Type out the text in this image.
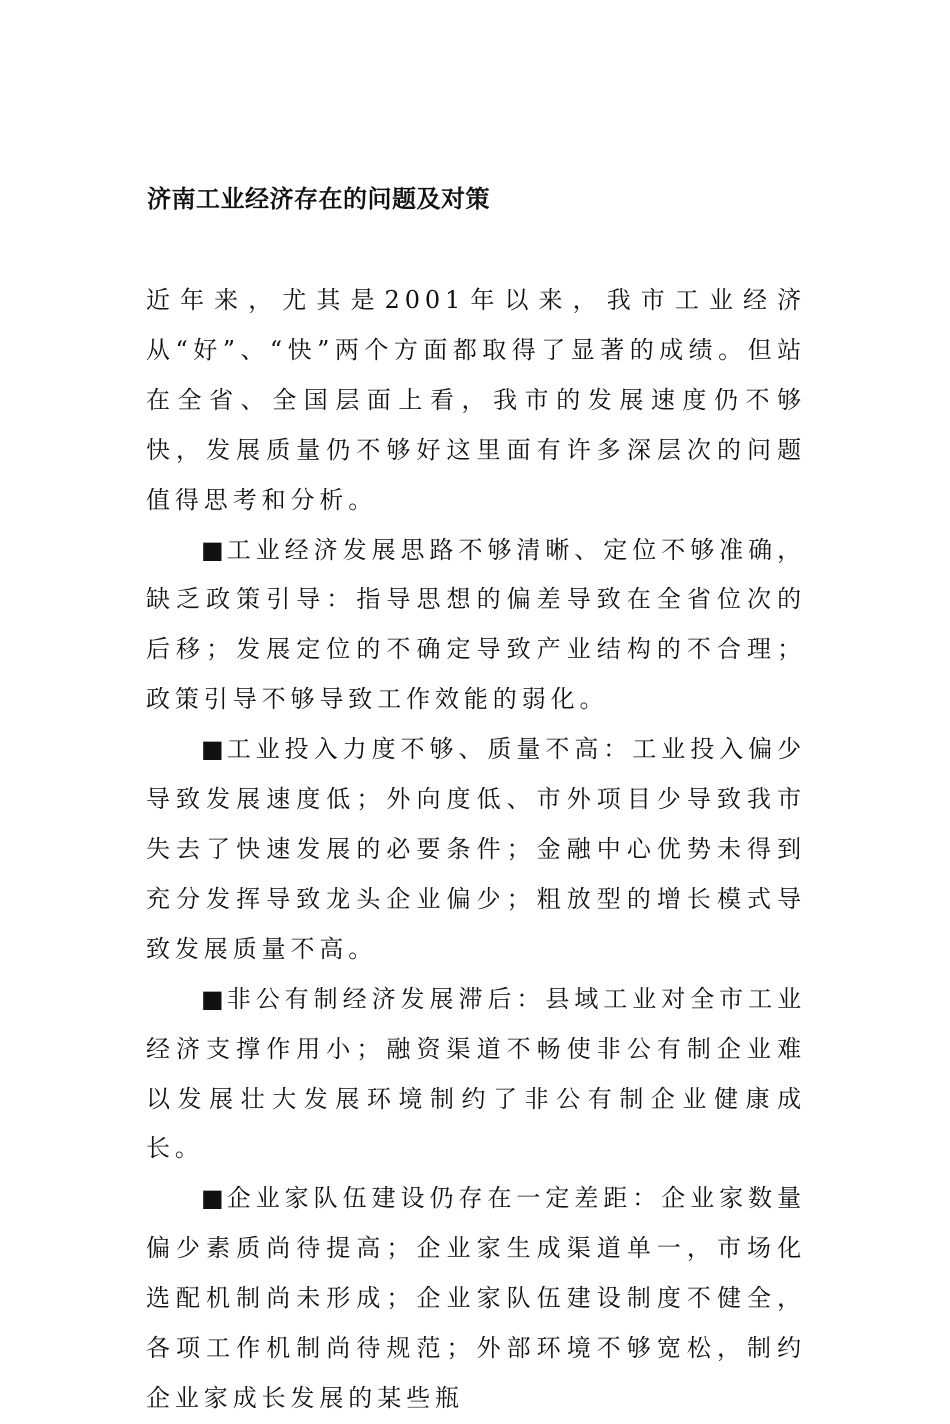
济南工业经济存在的问题及对策

近年来，尤其是2001年以来，我市工业经济从“好”、“快”两个方面都取得了显著的成绩。但站在全省、全国层面上看，我市的发展速度仍不够快，发展质量仍不够好这里面有许多深层次的问题值得思考和分析。

■ 工业经济发展思路不够清晰、定位不够准确，缺乏政策引导：指导思想的偏差导致在全省位次的后移；发展定位的不确定导致产业结构的不合理；政策引导不够导致工作效能的弱化。

■ 工业投入力度不够、质量不高：工业投入偏少导致发展速度低；外向度低、市外项目少导致我市失去了快速发展的必要条件；金融中心优势未得到充分发挥导致龙头企业偏少；粗放型的增长模式导致发展质量不高。

■ 非公有制经济发展滞后：县域工业对全市工业经济支撑作用小；融资渠道不畅使非公有制企业难以发展壮大发展环境制约了非公有制企业健康成长。

■ 企业家队伍建设仍存在一定差距：企业家数量偏少素质尚待提高；企业家生成渠道单一，市场化选配机制尚未形成；企业家队伍建设制度不健全，各项工作机制尚待规范；外部环境不够宽松，制约企业家成长发展的某些瓶
